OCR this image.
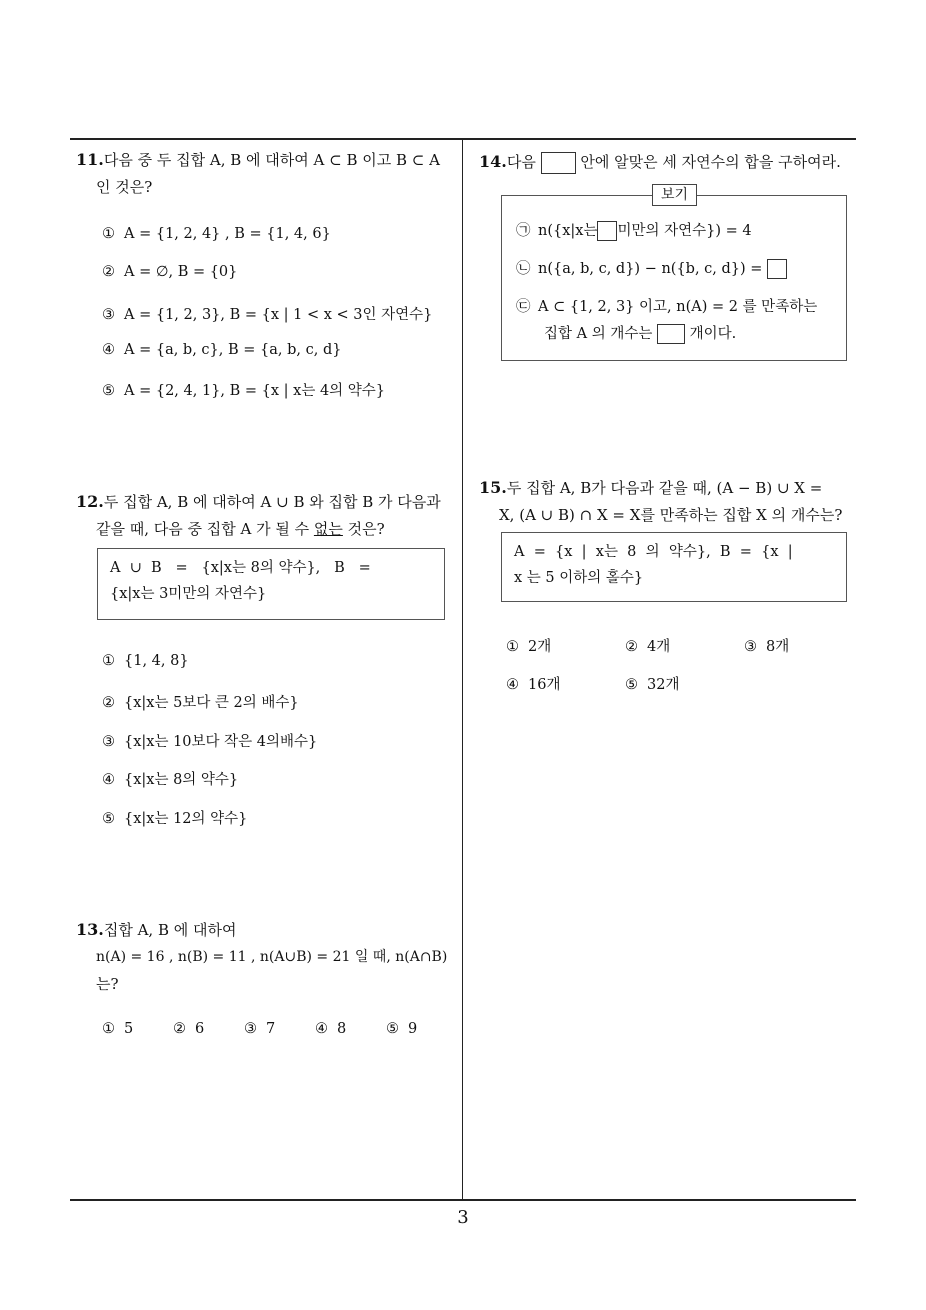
11.다음 중 두 집합 A, B 에 대하여 A ⊂ B 이고 B ⊂ A
인 것은?
① A = {1, 2, 4} , B = {1, 4, 6}
② A = ∅, B = {0}
③ A = {1, 2, 3}, B = {x | 1 < x < 3인 자연수}
④ A = {a, b, c}, B = {a, b, c, d}
⑤ A = {2, 4, 1}, B = {x | x는 4의 약수}
12.두 집합 A, B 에 대하여 A ∪ B 와 집합 B 가 다음과
같을 때, 다음 중 집합 A 가 될 수 없는 것은?
A  ∪  B   =   {x|x는 8의 약수},   B   =
{x|x는 3미만의 자연수}
① {1, 4, 8}
② {x|x는 5보다 큰 2의 배수}
③ {x|x는 10보다 작은 4의배수}
④ {x|x는 8의 약수}
⑤ {x|x는 12의 약수}
13.집합 A, B 에 대하여
n(A) = 16 , n(B) = 11 , n(A∪B) = 21 일 때, n(A∩B)
는?
① 5	② 6	③ 7	④ 8	⑤ 9
14.다음	안에 알맞은 세 자연수의 합을 구하여라.
㉠ n({x|x는 미만의 자연수}) = 4
㉡ n({a, b, c, d}) − n({b, c, d}) =
㉢ A ⊂ {1, 2, 3} 이고, n(A) = 2 를 만족하는
집합 A 의 개수는	개이다.
보기
15.두 집합 A, B가 다음과 같을 때, (A − B) ∪ X =
X, (A ∪ B) ∩ X = X를 만족하는 집합 X 의 개수는?
A  =  {x  |  x는  8  의  약수},  B  =  {x  |
x 는 5 이하의 홀수}
① 2개	② 4개	③ 8개
④ 16개	⑤ 32개
3
